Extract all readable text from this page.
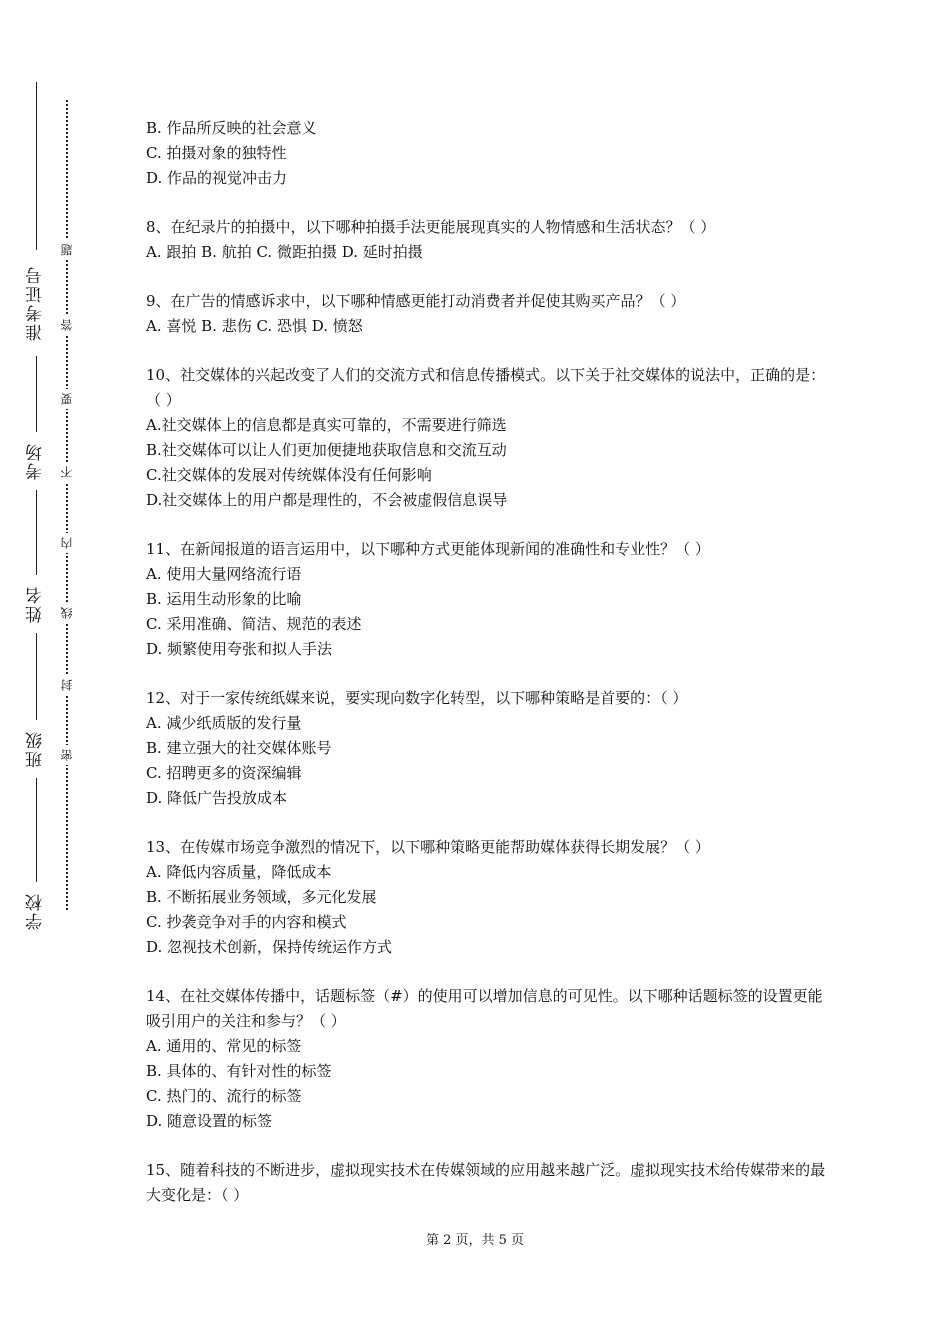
准考证号
考场
姓名
班级
学校
题
答
要
不
内
线
封
密
B. 作品所反映的社会意义
C. 拍摄对象的独特性
D. 作品的视觉冲击力
8、在纪录片的拍摄中，以下哪种拍摄手法更能展现真实的人物情感和生活状态？（ ）
A. 跟拍 B. 航拍 C. 微距拍摄 D. 延时拍摄
9、在广告的情感诉求中，以下哪种情感更能打动消费者并促使其购买产品？（ ）
A. 喜悦 B. 悲伤 C. 恐惧 D. 愤怒
10、社交媒体的兴起改变了人们的交流方式和信息传播模式。以下关于社交媒体的说法中，正确的是：（ ）
A.社交媒体上的信息都是真实可靠的，不需要进行筛选
B.社交媒体可以让人们更加便捷地获取信息和交流互动
C.社交媒体的发展对传统媒体没有任何影响
D.社交媒体上的用户都是理性的，不会被虚假信息误导
11、在新闻报道的语言运用中，以下哪种方式更能体现新闻的准确性和专业性？（ ）
A. 使用大量网络流行语
B. 运用生动形象的比喻
C. 采用准确、简洁、规范的表述
D. 频繁使用夸张和拟人手法
12、对于一家传统纸媒来说，要实现向数字化转型，以下哪种策略是首要的：（ ）
A. 减少纸质版的发行量
B. 建立强大的社交媒体账号
C. 招聘更多的资深编辑
D. 降低广告投放成本
13、在传媒市场竞争激烈的情况下，以下哪种策略更能帮助媒体获得长期发展？（ ）
A. 降低内容质量，降低成本
B. 不断拓展业务领域，多元化发展
C. 抄袭竞争对手的内容和模式
D. 忽视技术创新，保持传统运作方式
14、在社交媒体传播中，话题标签（#）的使用可以增加信息的可见性。以下哪种话题标签的设置更能吸引用户的关注和参与？（ ）
A. 通用的、常见的标签
B. 具体的、有针对性的标签
C. 热门的、流行的标签
D. 随意设置的标签
15、随着科技的不断进步，虚拟现实技术在传媒领域的应用越来越广泛。虚拟现实技术给传媒带来的最大变化是：（ ）
第 2 页，共 5 页
